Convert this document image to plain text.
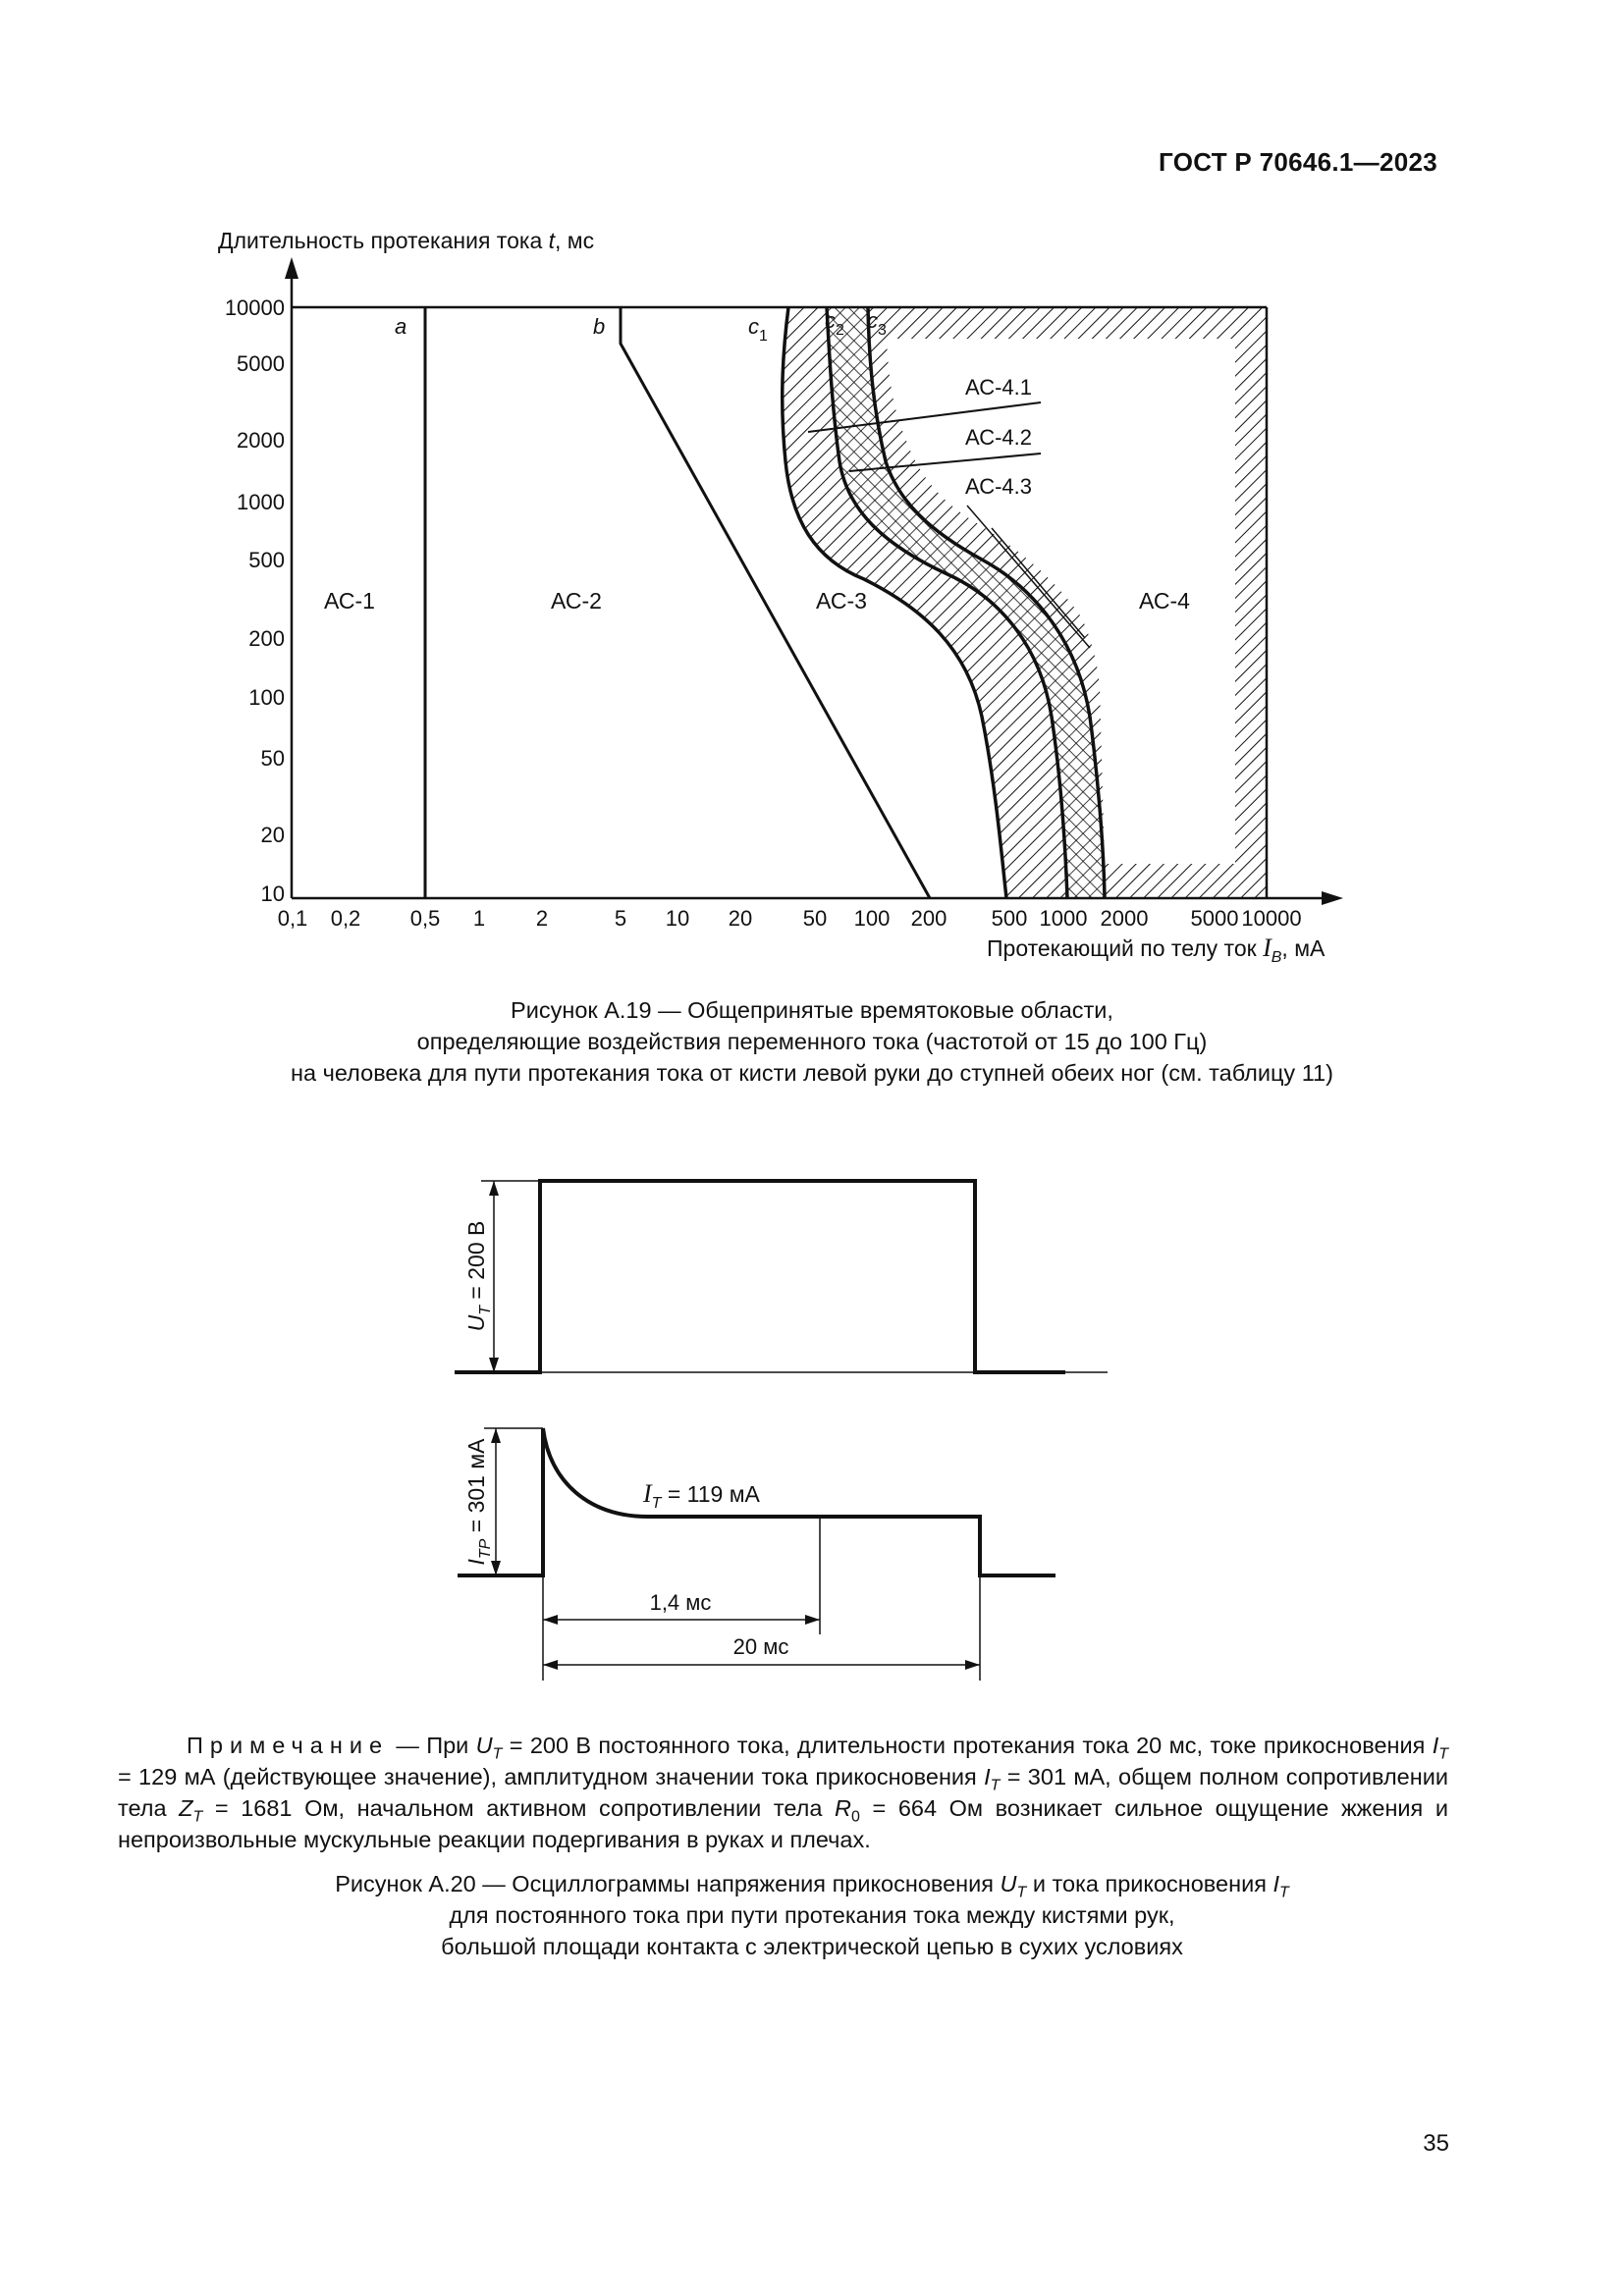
ГОСТ Р 70646.1—2023
a	b	c 1
c 2 c 3
АС-1	АС-2	АС-3	АС-4
АС-4.1
АС-4.2
АС-4.3
Длительность протекания тока t, мс
Протекающий по телу ток $I_B$, мА
10000
5000
2000
1000
500
200
100
50
20
10
0,1 0,2 0,5 1 2	5 10 20 50 100 200 500 1000 2000 5000 10000
$U_T = 200$ В
$I_{TP} = 301$ мА	$I_T = 119$ мА
1,4 мс
20 мс
Рисунок А.19 — Общепринятые времятоковые области,
определяющие воздействия переменного тока (частотой от 15 до 100 Гц)
на человека для пути протекания тока от кисти левой руки до ступней обеих ног (см. таблицу 11)
Примечание — При $U_T = 200$ В постоянного тока, длительности протекания тока 20 мс, токе прикосновения $I_T = 129$ мА (действующее значение), амплитудном значении тока прикосновения $I_T = 301$ мА, общем полном сопротивлении тела $Z_T = 1681$ Ом, начальном активном сопротивлении тела $R_0 = 664$ Ом возникает сильное ощущение жжения и непроизвольные мускульные реакции подергивания в руках и плечах.
Рисунок А.20 — Осциллограммы напряжения прикосновения $U_T$ и тока прикосновения $I_T$
для постоянного тока при пути протекания тока между кистями рук,
большой площади контакта с электрической цепью в сухих условиях
35
